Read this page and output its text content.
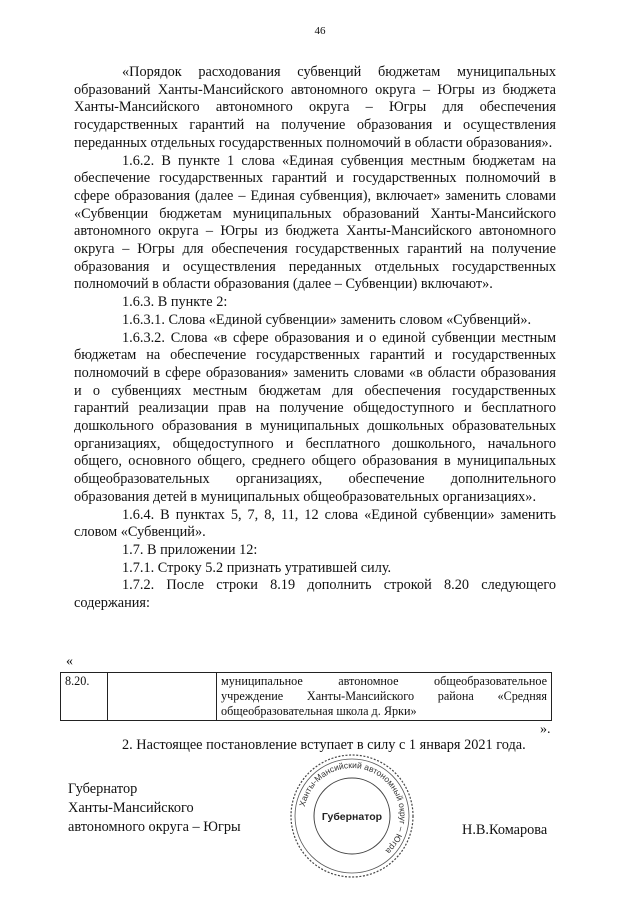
46

«Порядок расходования субвенций бюджетам муниципальных образований Ханты-Мансийского автономного округа – Югры из бюджета Ханты-Мансийского автономного округа – Югры для обеспечения государственных гарантий на получение образования и осуществления переданных отдельных государственных полномочий в области образования».

1.6.2. В пункте 1 слова «Единая субвенция местным бюджетам на обеспечение государственных гарантий и государственных полномочий в сфере образования (далее – Единая субвенция), включает» заменить словами «Субвенции бюджетам муниципальных образований Ханты-Мансийского автономного округа – Югры из бюджета Ханты-Мансийского автономного округа – Югры для обеспечения государственных гарантий на получение образования и осуществления переданных отдельных государственных полномочий в области образования (далее – Субвенции) включают».

1.6.3. В пункте 2:

1.6.3.1. Слова «Единой субвенции» заменить словом «Субвенций».

1.6.3.2. Слова «в сфере образования и о единой субвенции местным бюджетам на обеспечение государственных гарантий и государственных полномочий в сфере образования» заменить словами «в области образования и о субвенциях местным бюджетам для обеспечения государственных гарантий реализации прав на получение общедоступного и бесплатного дошкольного образования в муниципальных дошкольных образовательных организациях, общедоступного и бесплатного дошкольного, начального общего, основного общего, среднего общего образования в муниципальных общеобразовательных организациях, обеспечение дополнительного образования детей в муниципальных общеобразовательных организациях».

1.6.4. В пунктах 5, 7, 8, 11, 12 слова «Единой субвенции» заменить словом «Субвенций».

1.7. В приложении 12:

1.7.1. Строку 5.2 признать утратившей силу.

1.7.2. После строки 8.19 дополнить строкой 8.20 следующего содержания:

«
8.20.		муниципальное автономное общеобразовательное учреждение Ханты-Мансийского района «Средняя общеобразовательная школа д. Ярки»
».
2. Настоящее постановление вступает в силу с 1 января 2021 года.
Губернатор
Ханты-Мансийского
автономного округа – Югры
Ханты-Мансийский автономный округ – Югра
Губернатор
Н.В.Комарова
